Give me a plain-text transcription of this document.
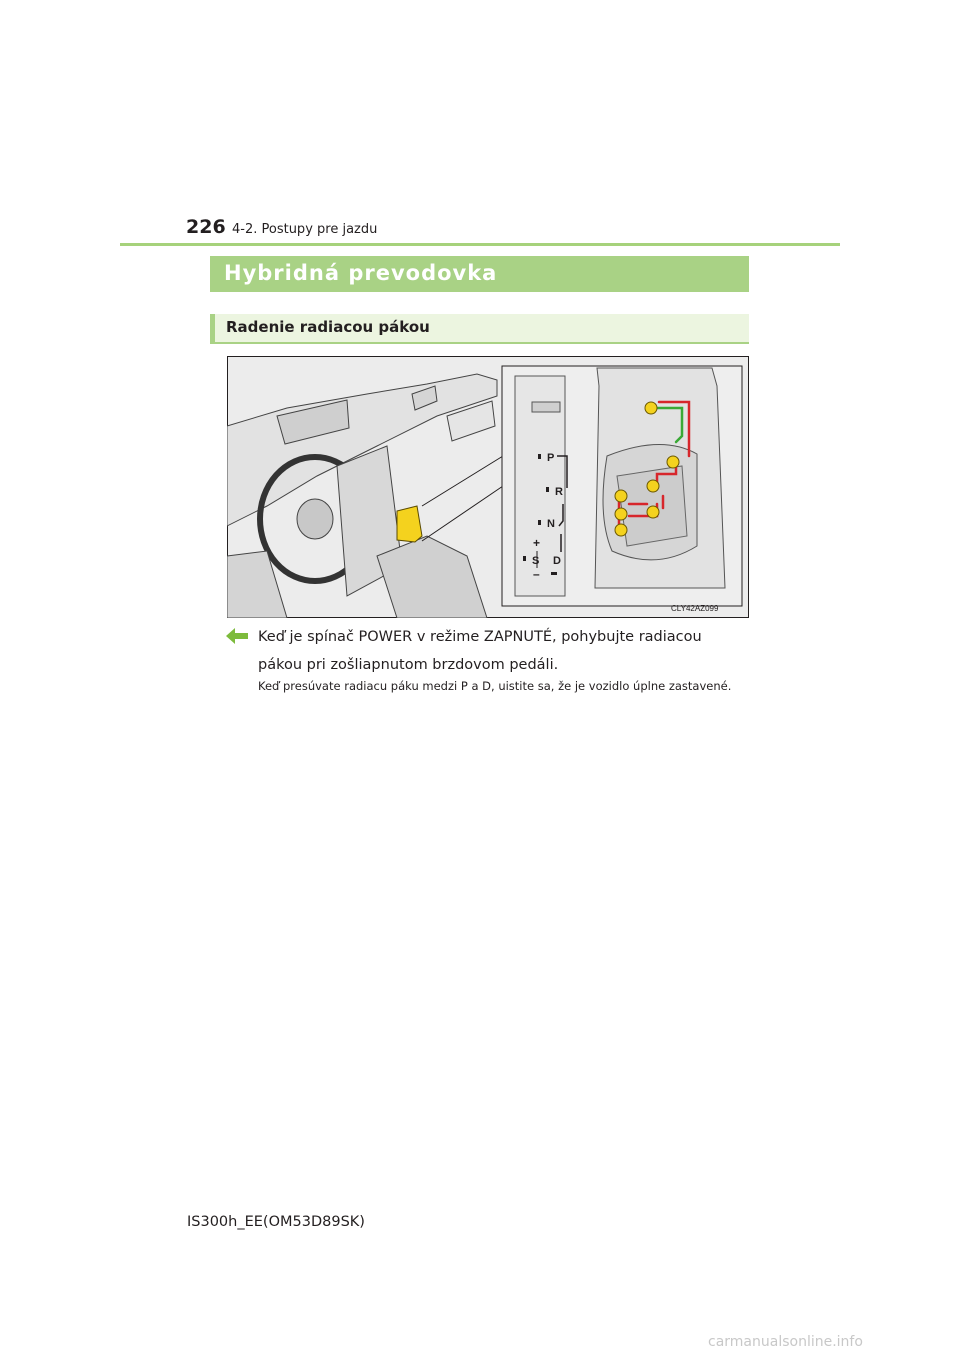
226 4-2. Postupy pre jazdu
Hybridná prevodovka
Radenie radiacou pákou
P
R
N
+
S D
–
CLY42AZ099
Keď je spínač POWER v režime ZAPNUTÉ, pohybujte radiacou pákou pri zošliapnutom brzdovom pedáli.
Keď presúvate radiacu páku medzi P a D, uistite sa, že je vozidlo úplne zastavené.
IS300h_EE(OM53D89SK)
carmanualsonline.info
